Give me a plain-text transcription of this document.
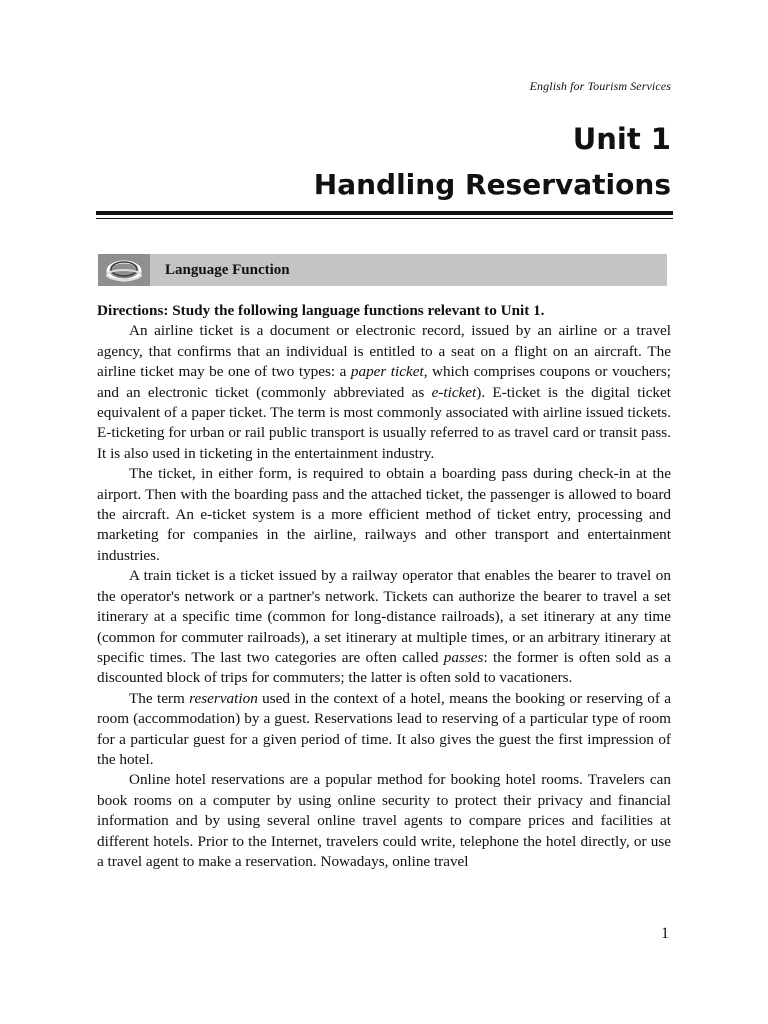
English for Tourism Services
Unit 1
Handling Reservations
Language Function

Directions: Study the following language functions relevant to Unit 1.

An airline ticket is a document or electronic record, issued by an airline or a travel agency, that confirms that an individual is entitled to a seat on a flight on an aircraft. The airline ticket may be one of two types: a paper ticket, which comprises coupons or vouchers; and an electronic ticket (commonly abbreviated as e-ticket). E-ticket is the digital ticket equivalent of a paper ticket. The term is most commonly associated with airline issued tickets. E-ticketing for urban or rail public transport is usually referred to as travel card or transit pass. It is also used in ticketing in the entertainment industry.

The ticket, in either form, is required to obtain a boarding pass during check-in at the airport. Then with the boarding pass and the attached ticket, the passenger is allowed to board the aircraft. An e-ticket system is a more efficient method of ticket entry, processing and marketing for companies in the airline, railways and other transport and entertainment industries.

A train ticket is a ticket issued by a railway operator that enables the bearer to travel on the operator's network or a partner's network. Tickets can authorize the bearer to travel a set itinerary at a specific time (common for long-distance railroads), a set itinerary at any time (common for commuter railroads), a set itinerary at multiple times, or an arbitrary itinerary at specific times. The last two categories are often called passes: the former is often sold as a discounted block of trips for commuters; the latter is often sold to vacationers.

The term reservation used in the context of a hotel, means the booking or reserving of a room (accommodation) by a guest. Reservations lead to reserving of a particular type of room for a particular guest for a given period of time. It also gives the guest the first impression of the hotel.

Online hotel reservations are a popular method for booking hotel rooms. Travelers can book rooms on a computer by using online security to protect their privacy and financial information and by using several online travel agents to compare prices and facilities at different hotels. Prior to the Internet, travelers could write, telephone the hotel directly, or use a travel agent to make a reservation. Nowadays, online travel

1
